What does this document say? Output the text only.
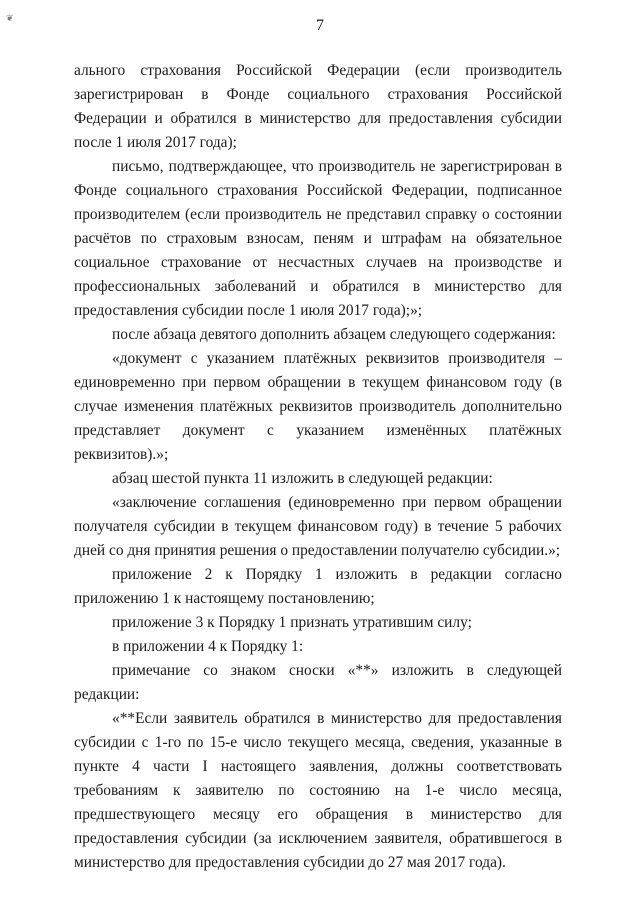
❦	7

ального страхования Российской Федерации (если производитель зарегистрирован в Фонде социального страхования Российской Федерации и обратился в министерство для предоставления субсидии после 1 июля 2017 года);

письмо, подтверждающее, что производитель не зарегистрирован в Фонде социального страхования Российской Федерации, подписанное производителем (если производитель не представил справку о состоянии расчётов по страховым взносам, пеням и штрафам на обязательное социальное страхование от несчастных случаев на производстве и профессиональных заболеваний и обратился в министерство для предоставления субсидии после 1 июля 2017 года);»;

после абзаца девятого дополнить абзацем следующего содержания:

«документ с указанием платёжных реквизитов производителя – единовременно при первом обращении в текущем финансовом году (в случае изменения платёжных реквизитов производитель дополнительно представляет документ с указанием изменённых платёжных реквизитов).»;

абзац шестой пункта 11 изложить в следующей редакции:

«заключение соглашения (единовременно при первом обращении получателя субсидии в текущем финансовом году) в течение 5 рабочих дней со дня принятия решения о предоставлении получателю субсидии.»;

приложение 2 к Порядку 1 изложить в редакции согласно приложению 1 к настоящему постановлению;

приложение 3 к Порядку 1 признать утратившим силу;

в приложении 4 к Порядку 1:

примечание со знаком сноски «**» изложить в следующей редакции:

«**Если заявитель обратился в министерство для предоставления субсидии с 1-го по 15-е число текущего месяца, сведения, указанные в пункте 4 части I настоящего заявления, должны соответствовать требованиям к заявителю по состоянию на 1-е число месяца, предшествующего месяцу его обращения в министерство для предоставления субсидии (за исключением заявителя, обратившегося в министерство для предоставления субсидии до 27 мая 2017 года).
